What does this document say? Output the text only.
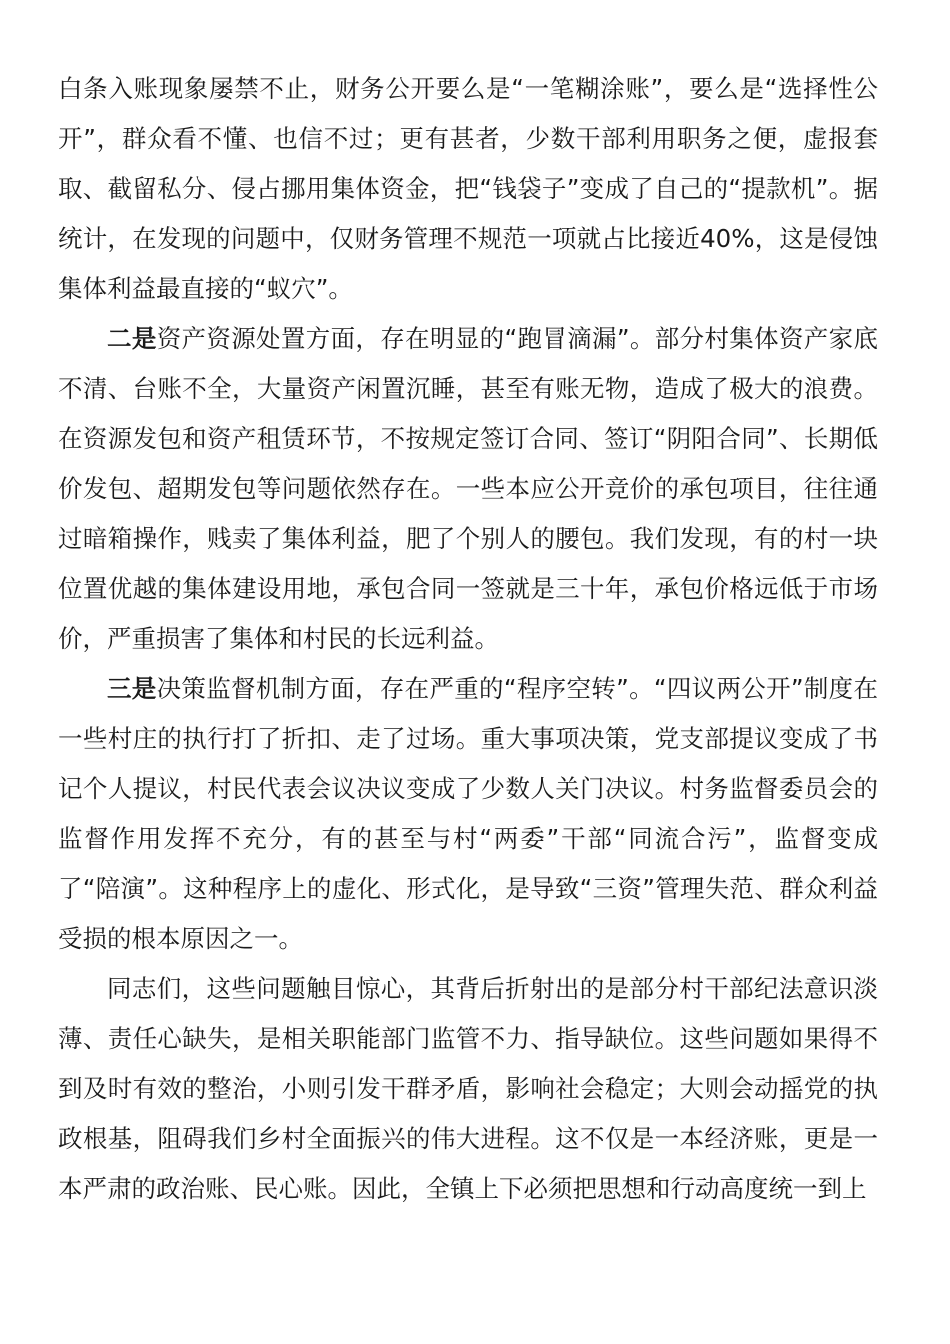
白条入账现象屡禁不止，财务公开要么是“一笔糊涂账”，要么是“选择性公开”，群众看不懂、也信不过；更有甚者，少数干部利用职务之便，虚报套取、截留私分、侵占挪用集体资金，把“钱袋子”变成了自己的“提款机”。据统计，在发现的问题中，仅财务管理不规范一项就占比接近40%，这是侵蚀集体利益最直接的“蚁穴”。

二是资产资源处置方面，存在明显的“跑冒滴漏”。部分村集体资产家底不清、台账不全，大量资产闲置沉睡，甚至有账无物，造成了极大的浪费。在资源发包和资产租赁环节，不按规定签订合同、签订“阴阳合同”、长期低价发包、超期发包等问题依然存在。一些本应公开竞价的承包项目，往往通过暗箱操作，贱卖了集体利益，肥了个别人的腰包。我们发现，有的村一块位置优越的集体建设用地，承包合同一签就是三十年，承包价格远低于市场价，严重损害了集体和村民的长远利益。

三是决策监督机制方面，存在严重的“程序空转”。“四议两公开”制度在一些村庄的执行打了折扣、走了过场。重大事项决策，党支部提议变成了书记个人提议，村民代表会议决议变成了少数人关门决议。村务监督委员会的监督作用发挥不充分，有的甚至与村“两委”干部“同流合污”，监督变成了“陪演”。这种程序上的虚化、形式化，是导致“三资”管理失范、群众利益受损的根本原因之一。

同志们，这些问题触目惊心，其背后折射出的是部分村干部纪法意识淡薄、责任心缺失，是相关职能部门监管不力、指导缺位。这些问题如果得不到及时有效的整治，小则引发干群矛盾，影响社会稳定；大则会动摇党的执政根基，阻碍我们乡村全面振兴的伟大进程。这不仅是一本经济账，更是一本严肃的政治账、民心账。因此，全镇上下必须把思想和行动高度统一到上
